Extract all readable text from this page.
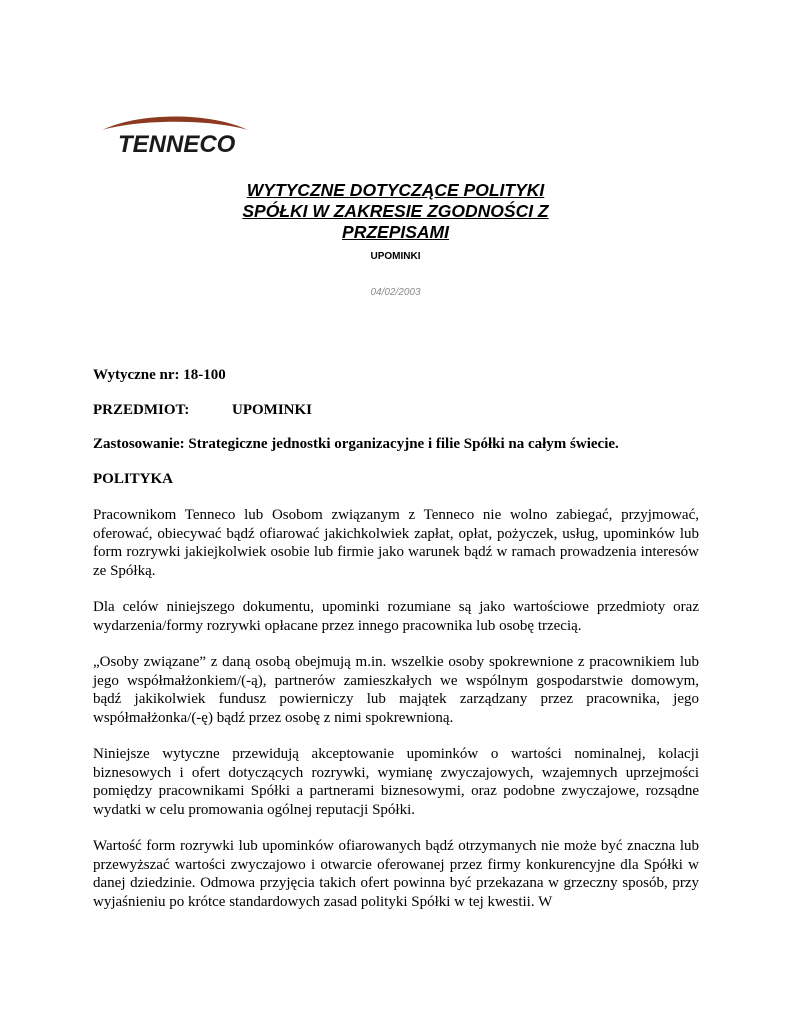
TENNECO
WYTYCZNE DOTYCZĄCE POLITYKI
SPÓŁKI W ZAKRESIE ZGODNOŚCI Z
PRZEPISAMI
UPOMINKI
04/02/2003

Wytyczne nr: 18-100

PRZEDMIOT:	UPOMINKI

Zastosowanie: Strategiczne jednostki organizacyjne i filie Spółki na całym świecie.

POLITYKA

Pracownikom Tenneco lub Osobom związanym z Tenneco nie wolno zabiegać, przyjmować, oferować, obiecywać bądź ofiarować jakichkolwiek zapłat, opłat, pożyczek, usług, upominków lub form rozrywki jakiejkolwiek osobie lub firmie jako warunek bądź w ramach prowadzenia interesów ze Spółką.

Dla celów niniejszego dokumentu, upominki rozumiane są jako wartościowe przedmioty oraz wydarzenia/formy rozrywki opłacane przez innego pracownika lub osobę trzecią.

„Osoby związane” z daną osobą obejmują m.in. wszelkie osoby spokrewnione z pracownikiem lub jego współmałżonkiem/(-ą), partnerów zamieszkałych we wspólnym gospodarstwie domowym, bądź jakikolwiek fundusz powierniczy lub majątek zarządzany przez pracownika, jego współmałżonka/(-ę) bądź przez osobę z nimi spokrewnioną.

Niniejsze wytyczne przewidują akceptowanie upominków o wartości nominalnej, kolacji biznesowych i ofert dotyczących rozrywki, wymianę zwyczajowych, wzajemnych uprzejmości pomiędzy pracownikami Spółki a partnerami biznesowymi, oraz podobne zwyczajowe, rozsądne wydatki w celu promowania ogólnej reputacji Spółki.

Wartość form rozrywki lub upominków ofiarowanych bądź otrzymanych nie może być znaczna lub przewyższać wartości zwyczajowo i otwarcie oferowanej przez firmy konkurencyjne dla Spółki w danej dziedzinie. Odmowa przyjęcia takich ofert powinna być przekazana w grzeczny sposób, przy wyjaśnieniu po krótce standardowych zasad polityki Spółki w tej kwestii. W
